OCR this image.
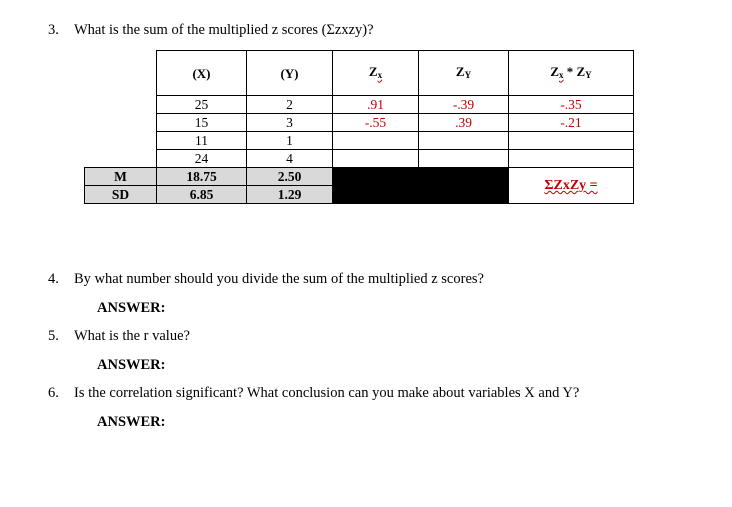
3. What is the sum of the multiplied z scores (Σzxzy)?
	(X)	(Y)	$Z_x$	$Z_Y$	$Z_x * Z_Y$
	25	2	.91	-.39	-.35
	15	3	-.55	.39	-.21
	11	1			
	24	4			
M	18.75	2.50			ΣZxZy =
SD	6.85	1.29			
4. By what number should you divide the sum of the multiplied z scores?
ANSWER:
5. What is the r value?
ANSWER:
6. Is the correlation significant? What conclusion can you make about variables X and Y?
ANSWER:
